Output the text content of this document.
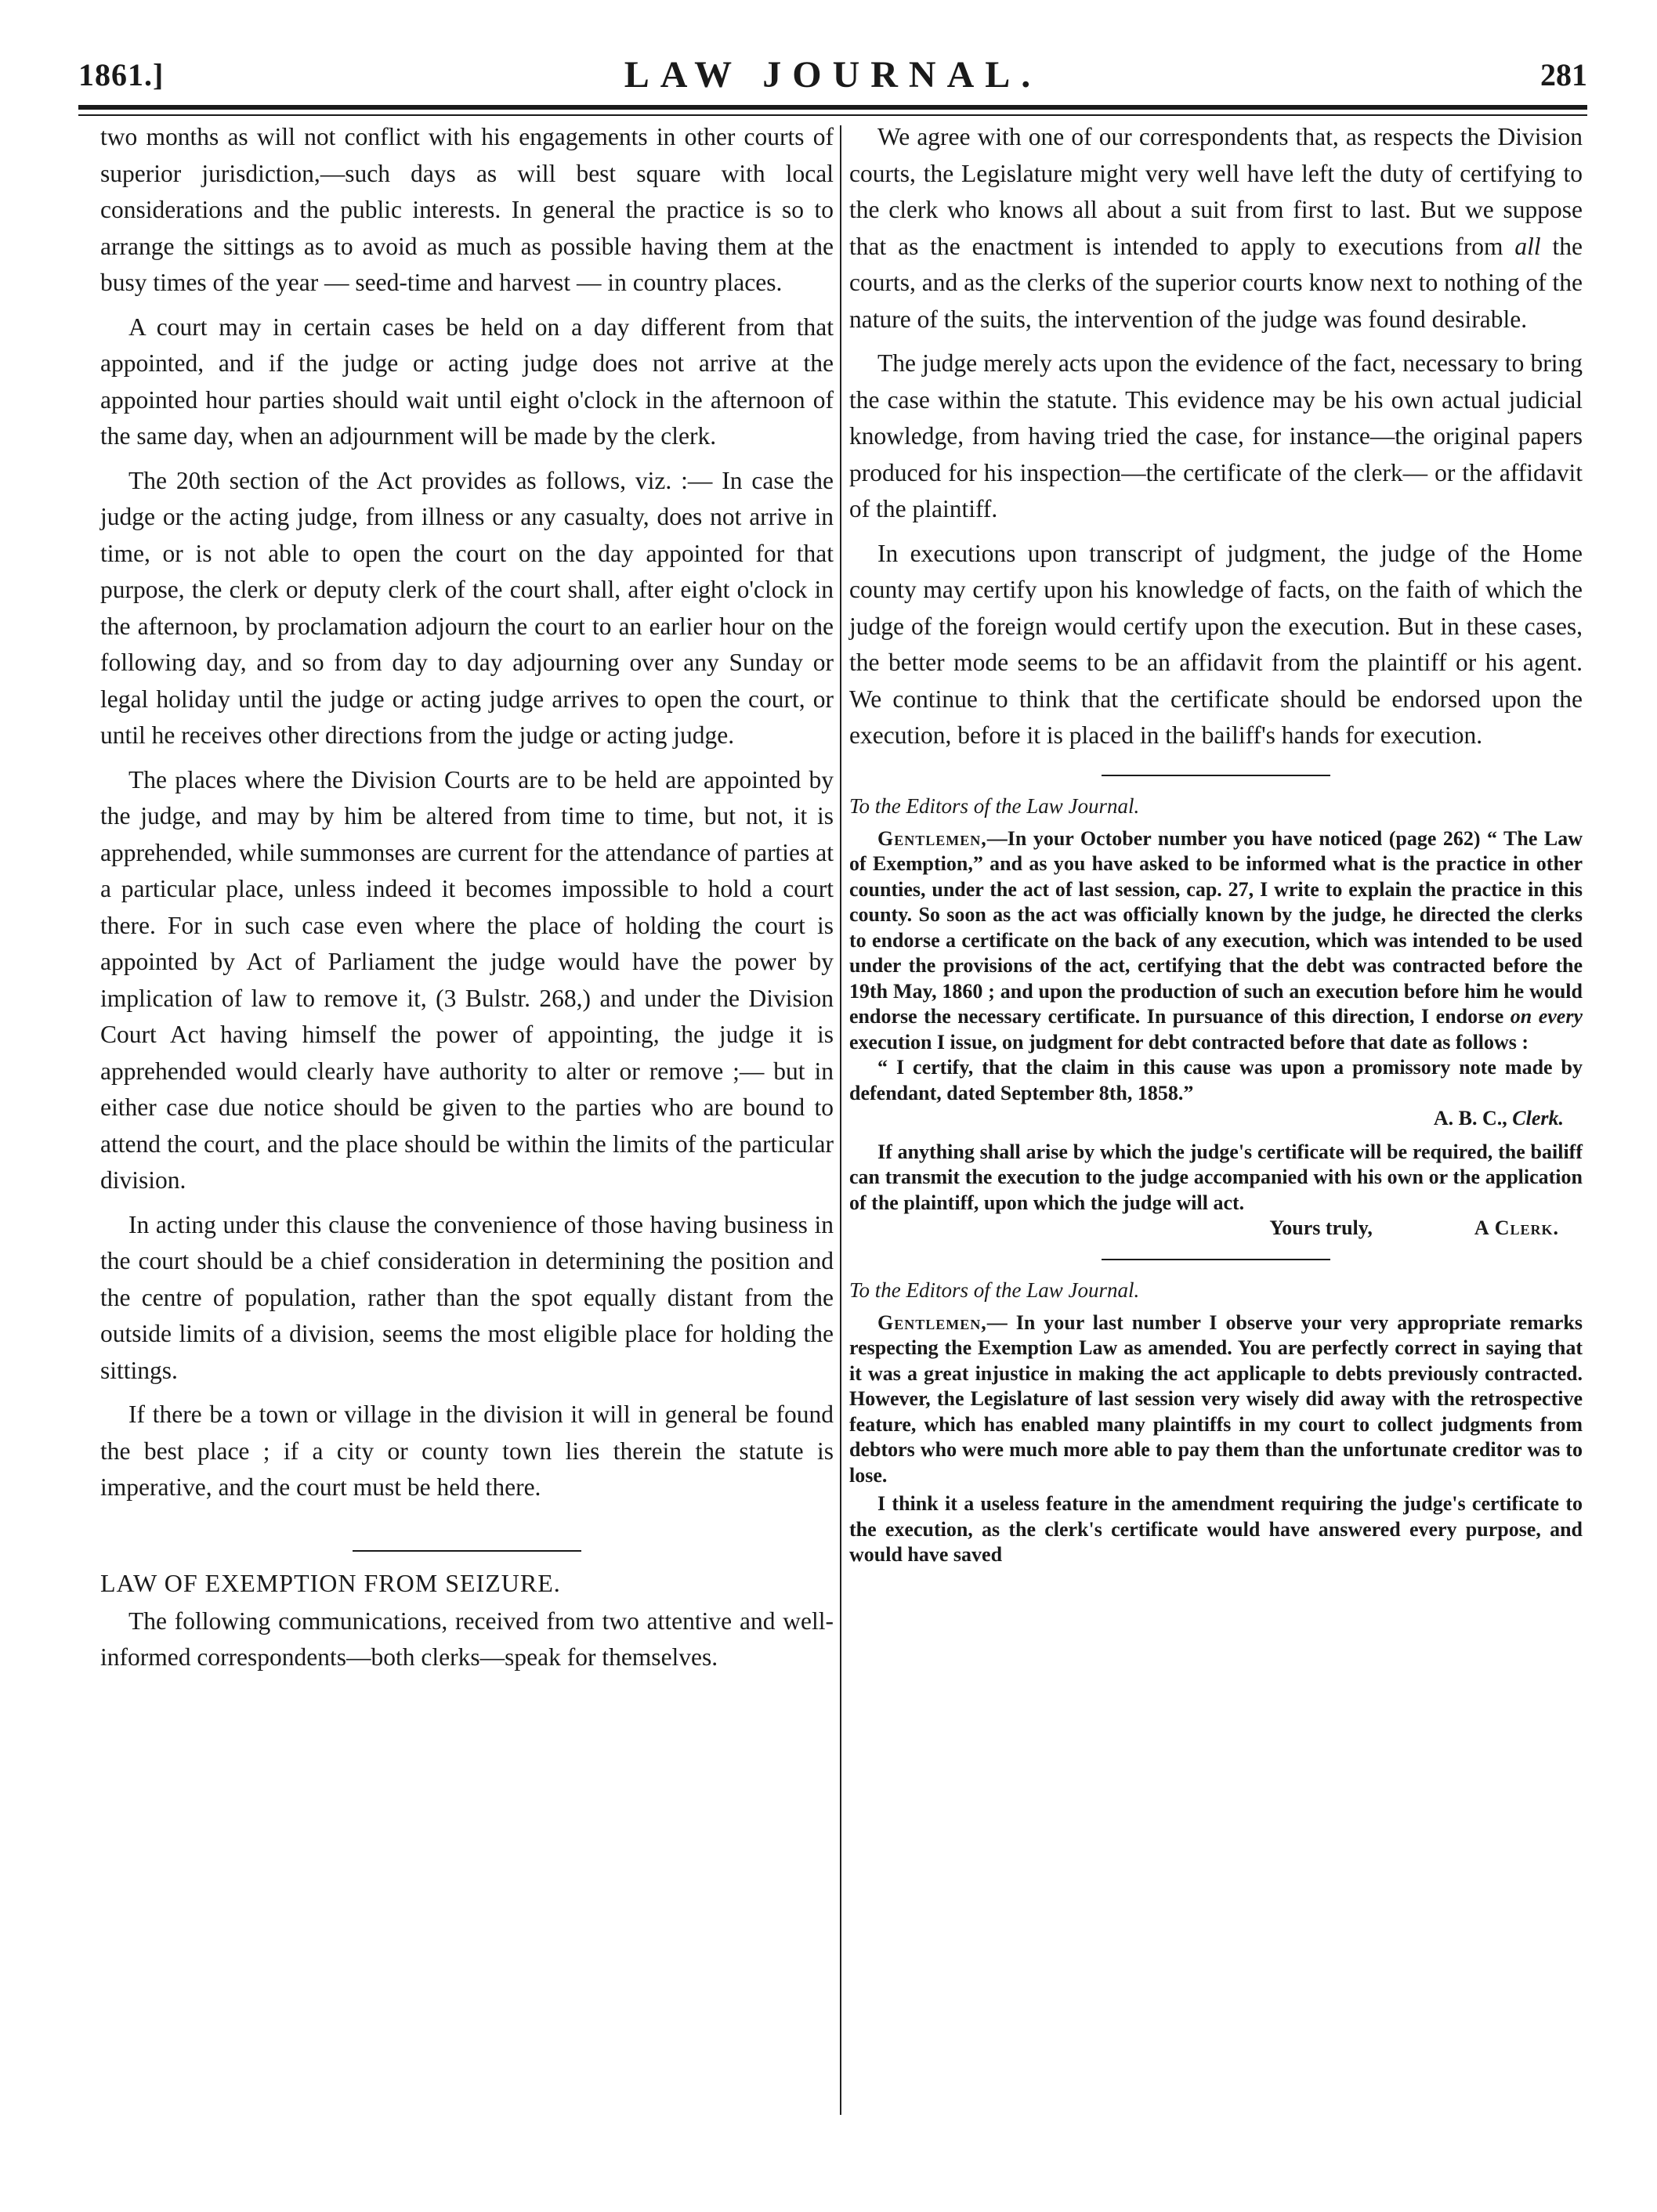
1861.]	LAW JOURNAL.	281

two months as will not conflict with his engagements in other courts of superior jurisdiction,—such days as will best square with local considerations and the public interests. In general the practice is so to arrange the sittings as to avoid as much as possible having them at the busy times of the year — seed-time and harvest — in country places.

A court may in certain cases be held on a day different from that appointed, and if the judge or acting judge does not arrive at the appointed hour parties should wait until eight o'clock in the afternoon of the same day, when an adjournment will be made by the clerk.

The 20th section of the Act provides as follows, viz. :— In case the judge or the acting judge, from illness or any casualty, does not arrive in time, or is not able to open the court on the day appointed for that purpose, the clerk or deputy clerk of the court shall, after eight o'clock in the afternoon, by proclamation adjourn the court to an earlier hour on the following day, and so from day to day adjourning over any Sunday or legal holiday until the judge or acting judge arrives to open the court, or until he receives other directions from the judge or acting judge.

The places where the Division Courts are to be held are appointed by the judge, and may by him be altered from time to time, but not, it is apprehended, while summonses are current for the attendance of parties at a particular place, unless indeed it becomes impossible to hold a court there. For in such case even where the place of holding the court is appointed by Act of Parliament the judge would have the power by implication of law to remove it, (3 Bulstr. 268,) and under the Division Court Act having himself the power of appointing, the judge it is apprehended would clearly have authority to alter or remove ;— but in either case due notice should be given to the parties who are bound to attend the court, and the place should be within the limits of the particular division.

In acting under this clause the convenience of those having business in the court should be a chief consideration in determining the position and the centre of population, rather than the spot equally distant from the outside limits of a division, seems the most eligible place for holding the sittings.

If there be a town or village in the division it will in general be found the best place ; if a city or county town lies therein the statute is imperative, and the court must be held there.

LAW OF EXEMPTION FROM SEIZURE.

The following communications, received from two attentive and well-informed correspondents—both clerks—speak for themselves.

We agree with one of our correspondents that, as respects the Division courts, the Legislature might very well have left the duty of certifying to the clerk who knows all about a suit from first to last. But we suppose that as the enactment is intended to apply to executions from all the courts, and as the clerks of the superior courts know next to nothing of the nature of the suits, the intervention of the judge was found desirable.

The judge merely acts upon the evidence of the fact, necessary to bring the case within the statute. This evidence may be his own actual judicial knowledge, from having tried the case, for instance—the original papers produced for his inspection—the certificate of the clerk— or the affidavit of the plaintiff.

In executions upon transcript of judgment, the judge of the Home county may certify upon his knowledge of facts, on the faith of which the judge of the foreign would certify upon the execution. But in these cases, the better mode seems to be an affidavit from the plaintiff or his agent. We continue to think that the certificate should be endorsed upon the execution, before it is placed in the bailiff's hands for execution.

To the Editors of the Law Journal.

Gentlemen,—In your October number you have noticed (page 262) “ The Law of Exemption,” and as you have asked to be informed what is the practice in other counties, under the act of last session, cap. 27, I write to explain the practice in this county. So soon as the act was officially known by the judge, he directed the clerks to endorse a certificate on the back of any execution, which was intended to be used under the provisions of the act, certifying that the debt was contracted before the 19th May, 1860 ; and upon the production of such an execution before him he would endorse the necessary certificate. In pursuance of this direction, I endorse on every execution I issue, on judgment for debt contracted before that date as follows :

“ I certify, that the claim in this cause was upon a promissory note made by defendant, dated September 8th, 1858.”

A. B. C., Clerk.

If anything shall arise by which the judge's certificate will be required, the bailiff can transmit the execution to the judge accompanied with his own or the application of the plaintiff, upon which the judge will act.

Yours truly,	A Clerk.

To the Editors of the Law Journal.

Gentlemen,— In your last number I observe your very appropriate remarks respecting the Exemption Law as amended. You are perfectly correct in saying that it was a great injustice in making the act applicaple to debts previously contracted. However, the Legislature of last session very wisely did away with the retrospective feature, which has enabled many plaintiffs in my court to collect judgments from debtors who were much more able to pay them than the unfortunate creditor was to lose.

I think it a useless feature in the amendment requiring the judge's certificate to the execution, as the clerk's certificate would have answered every purpose, and would have saved
